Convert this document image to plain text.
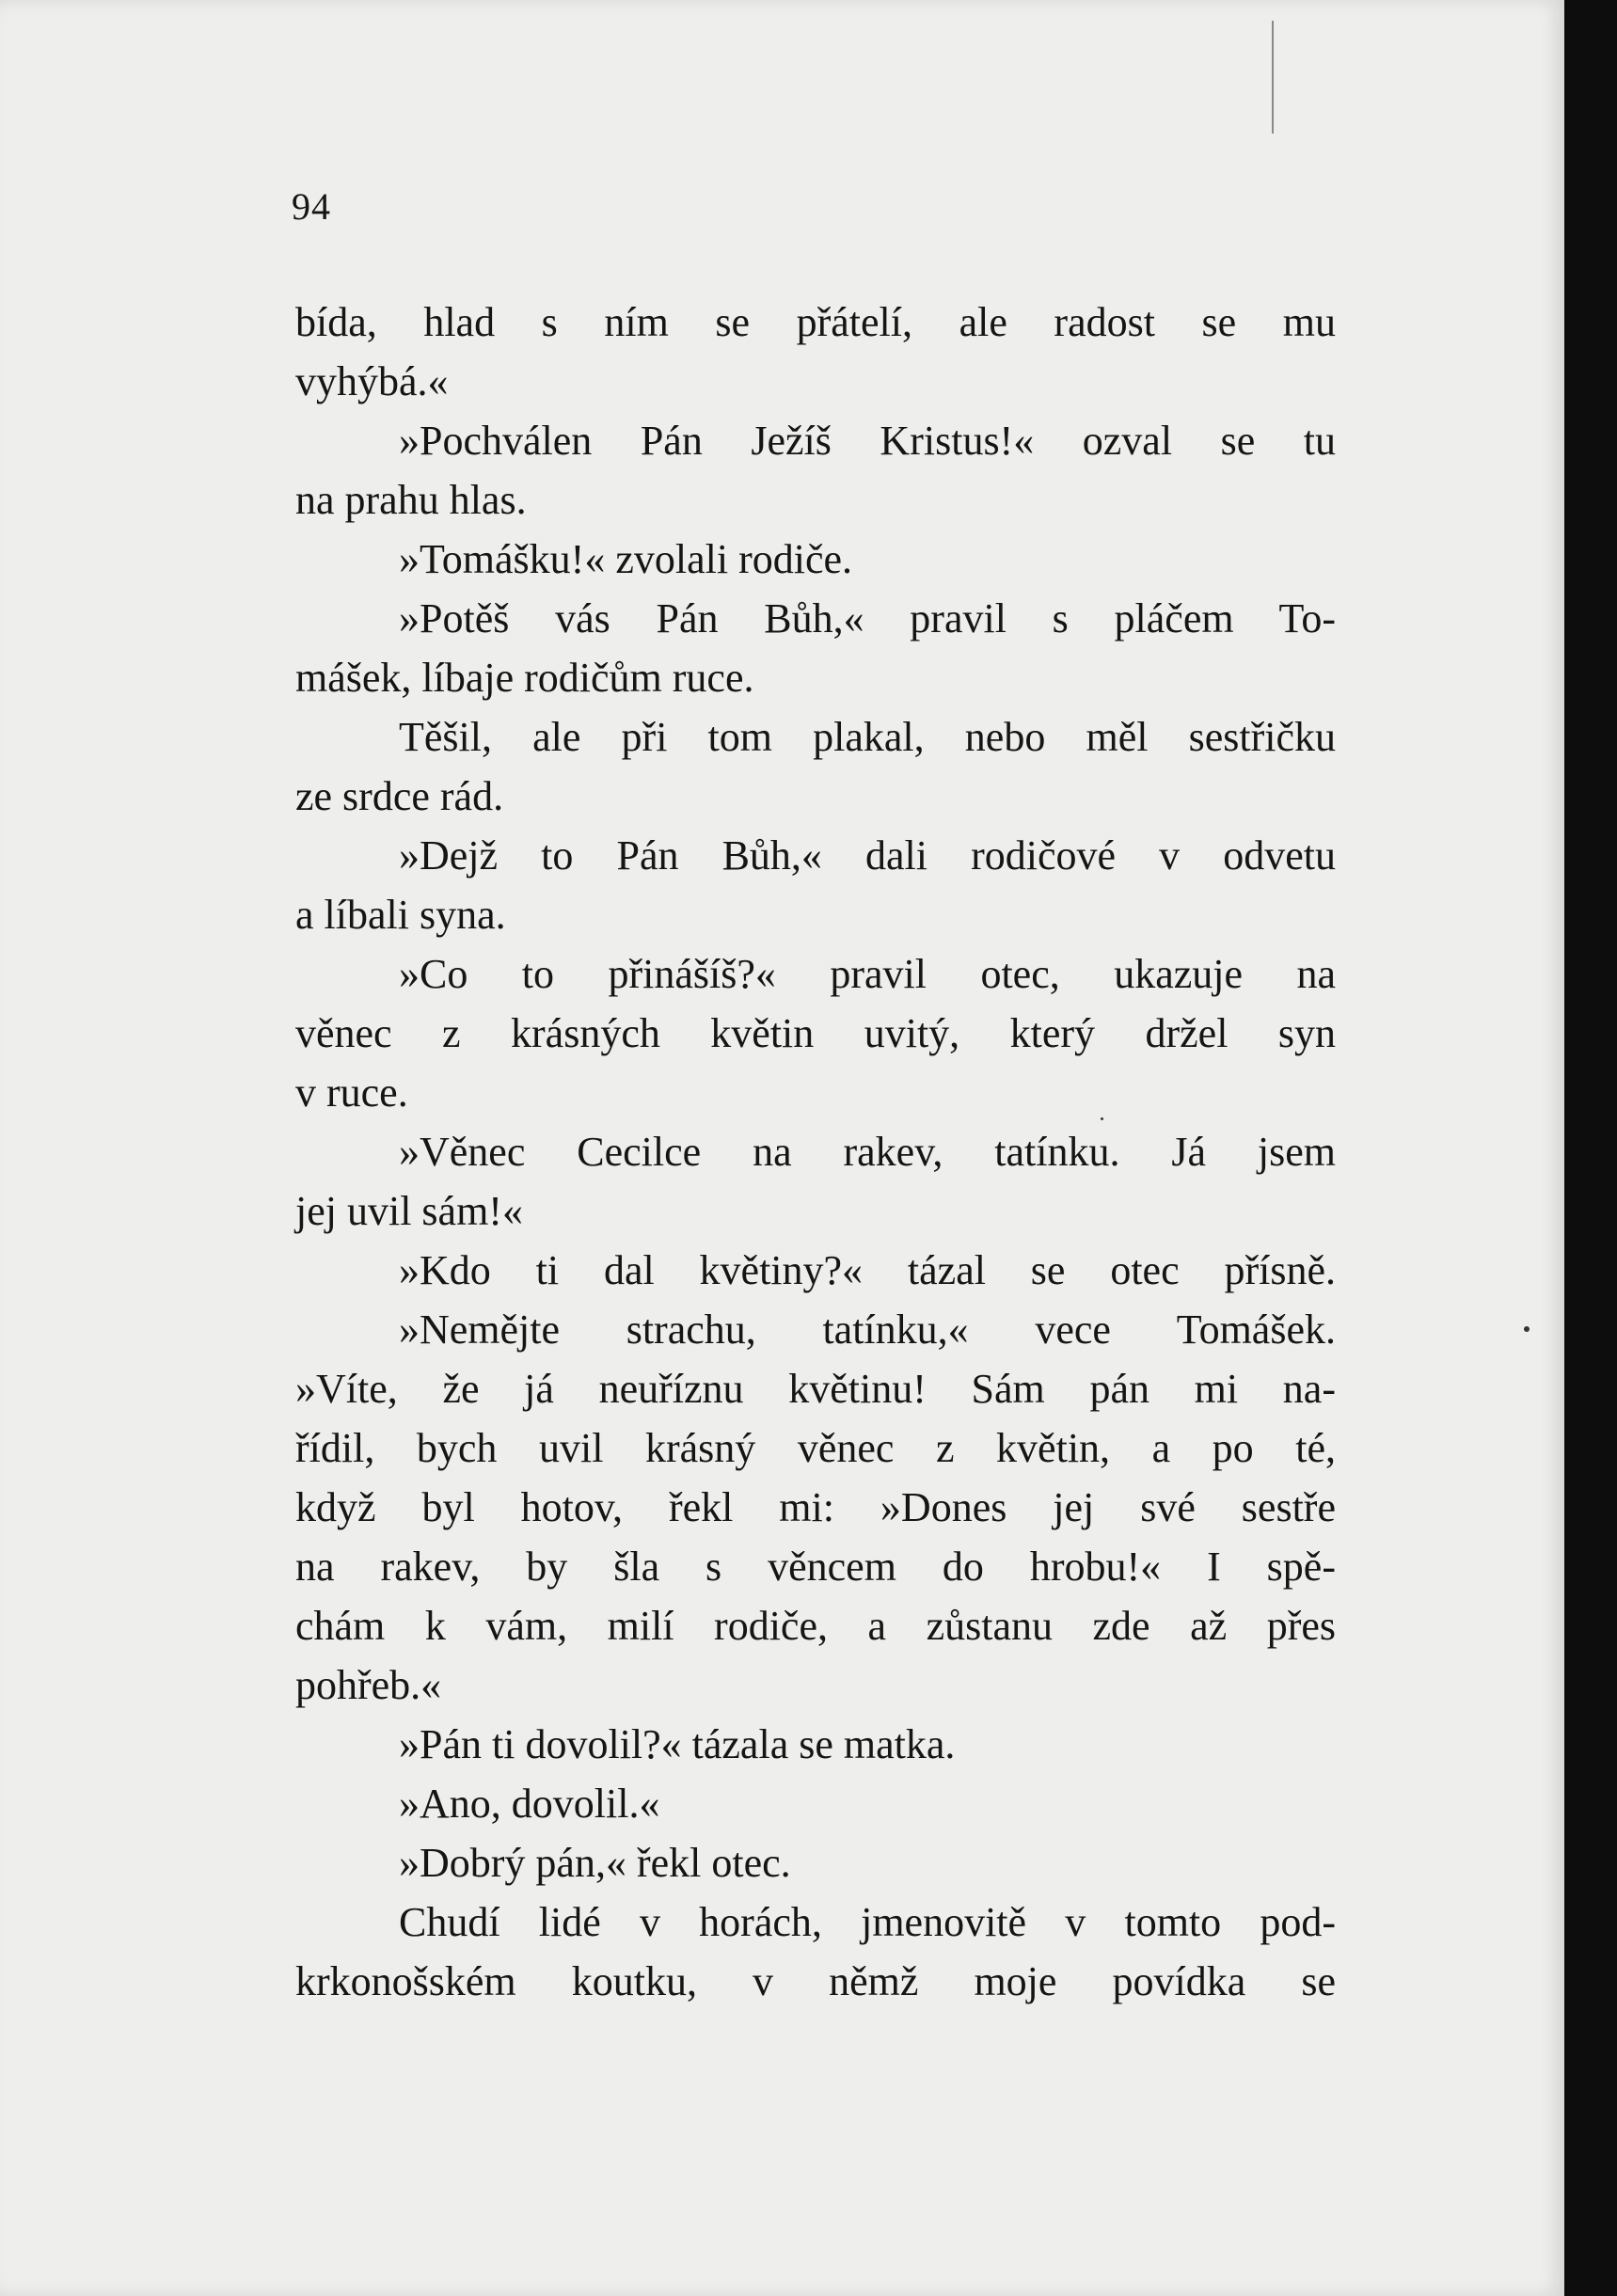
94
bída, hlad s ním se přátelí, ale radost se mu
vyhýbá.«
»Pochválen Pán Ježíš Kristus!« ozval se tu
na prahu hlas.
»Tomášku!« zvolali rodiče.
»Potěš vás Pán Bůh,« pravil s pláčem To-
mášek, líbaje rodičům ruce.
Těšil, ale při tom plakal, nebo měl sestřičku
ze srdce rád.
»Dejž to Pán Bůh,« dali rodičové v odvetu
a líbali syna.
»Co to přinášíš?« pravil otec, ukazuje na
věnec z krásných květin uvitý, který držel syn
v ruce.
»Věnec Cecilce na rakev, tatínku. Já jsem
jej uvil sám!«
»Kdo ti dal květiny?« tázal se otec přísně.
»Nemějte strachu, tatínku,« vece Tomášek.
»Víte, že já neuříznu květinu! Sám pán mi na-
řídil, bych uvil krásný věnec z květin, a po té,
když byl hotov, řekl mi: »Dones jej své sestře
na rakev, by šla s věncem do hrobu!« I spě-
chám k vám, milí rodiče, a zůstanu zde až přes
pohřeb.«
»Pán ti dovolil?« tázala se matka.
»Ano, dovolil.«
»Dobrý pán,« řekl otec.
Chudí lidé v horách, jmenovitě v tomto pod-
krkonošském koutku, v němž moje povídka se
